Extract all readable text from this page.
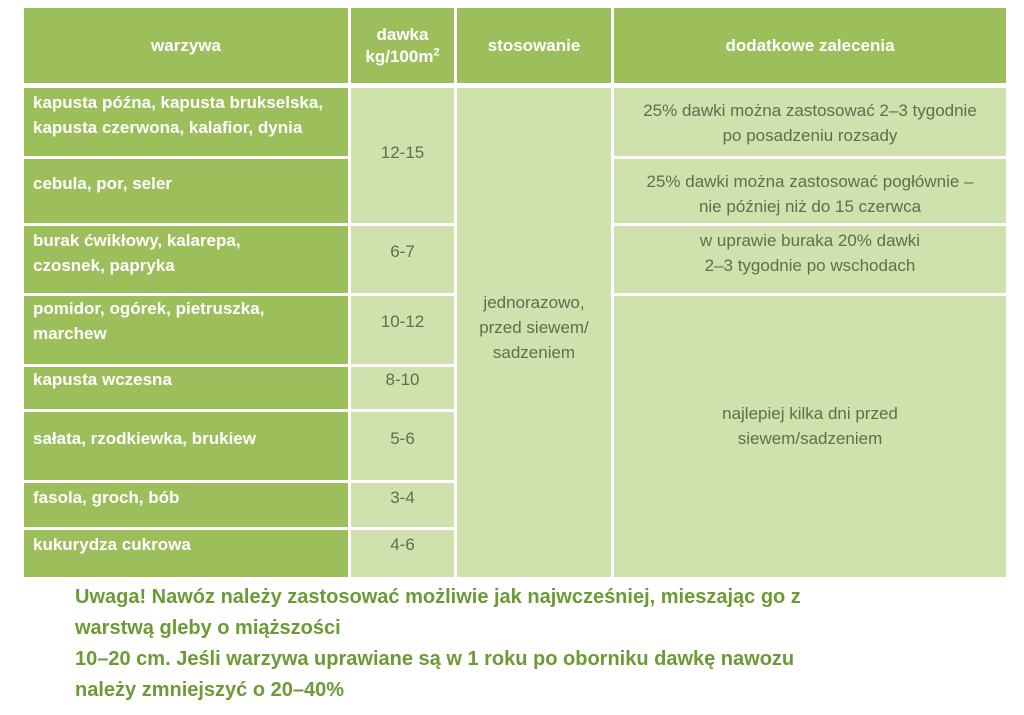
warzywa
dawka
$kg/100m^2$	stosowanie	dodatkowe zalecenia
kapusta późna, kapusta brukselska,
kapusta czerwona, kalafior, dynia
cebula, por, seler
burak ćwikłowy, kalarepa,
czosnek, papryka
pomidor, ogórek, pietruszka,
marchew
kapusta wczesna
sałata, rzodkiewka, brukiew
fasola, groch, bób
kukurydza cukrowa
12-15
6-7
10-12
8-10
5-6
3-4
4-6
jednorazowo,
przed siewem/
sadzeniem
25% dawki można zastosować 2–3 tygodnie
po posadzeniu rozsady
25% dawki można zastosować pogłównie –
nie później niż do 15 czerwca
w uprawie buraka 20% dawki
2–3 tygodnie po wschodach
najlepiej kilka dni przed
siewem/sadzeniem
Uwaga! Nawóz należy zastosować możliwie jak najwcześniej, mieszając go z
warstwą gleby o miąższości
10–20 cm. Jeśli warzywa uprawiane są w 1 roku po oborniku dawkę nawozu
należy zmniejszyć o 20–40%
